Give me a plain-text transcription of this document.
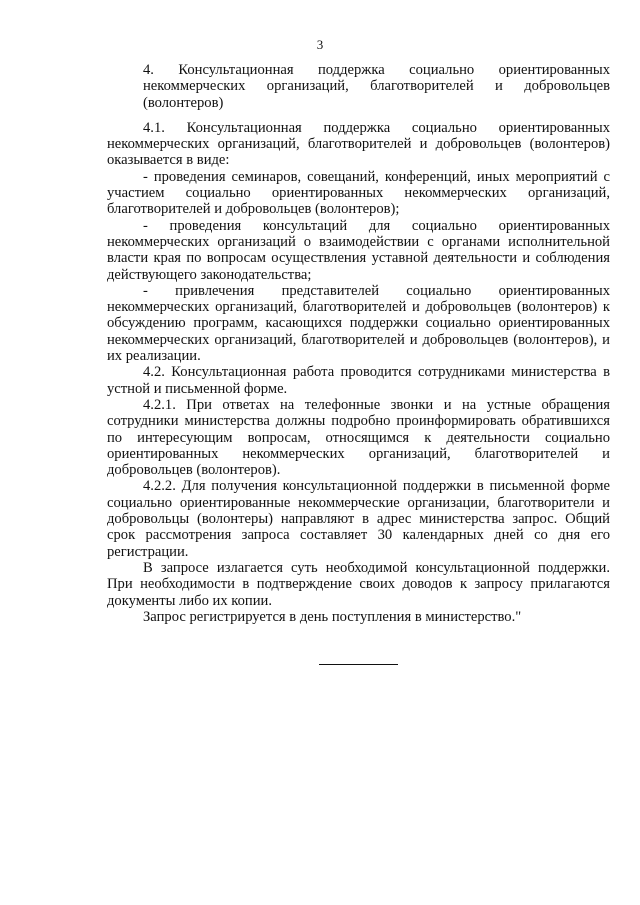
3

4. Консультационная поддержка социально ориентированных некоммерческих организаций, благотворителей и добровольцев (волонтеров)

4.1. Консультационная поддержка социально ориентированных некоммерческих организаций, благотворителей и добровольцев (волонтеров) оказывается в виде:

- проведения семинаров, совещаний, конференций, иных мероприятий с участием социально ориентированных некоммерческих организаций, благотворителей и добровольцев (волонтеров);

- проведения консультаций для социально ориентированных некоммерческих организаций о взаимодействии с органами исполнительной власти края по вопросам осуществления уставной деятельности и соблюдения действующего законодательства;

- привлечения представителей социально ориентированных некоммерческих организаций, благотворителей и добровольцев (волонтеров) к обсуждению программ, касающихся поддержки социально ориентированных некоммерческих организаций, благотворителей и добровольцев (волонтеров), и их реализации.

4.2. Консультационная работа проводится сотрудниками министерства в устной и письменной форме.

4.2.1. При ответах на телефонные звонки и на устные обращения сотрудники министерства должны подробно проинформировать обратившихся по интересующим вопросам, относящимся к деятельности социально ориентированных некоммерческих организаций, благотворителей и добровольцев (волонтеров).

4.2.2. Для получения консультационной поддержки в письменной форме социально ориентированные некоммерческие организации, благотворители и добровольцы (волонтеры) направляют в адрес министерства запрос. Общий срок рассмотрения запроса составляет 30 календарных дней со дня его регистрации.

В запросе излагается суть необходимой консультационной поддержки. При необходимости в подтверждение своих доводов к запросу прилагаются документы либо их копии.

Запрос регистрируется в день поступления в министерство."
